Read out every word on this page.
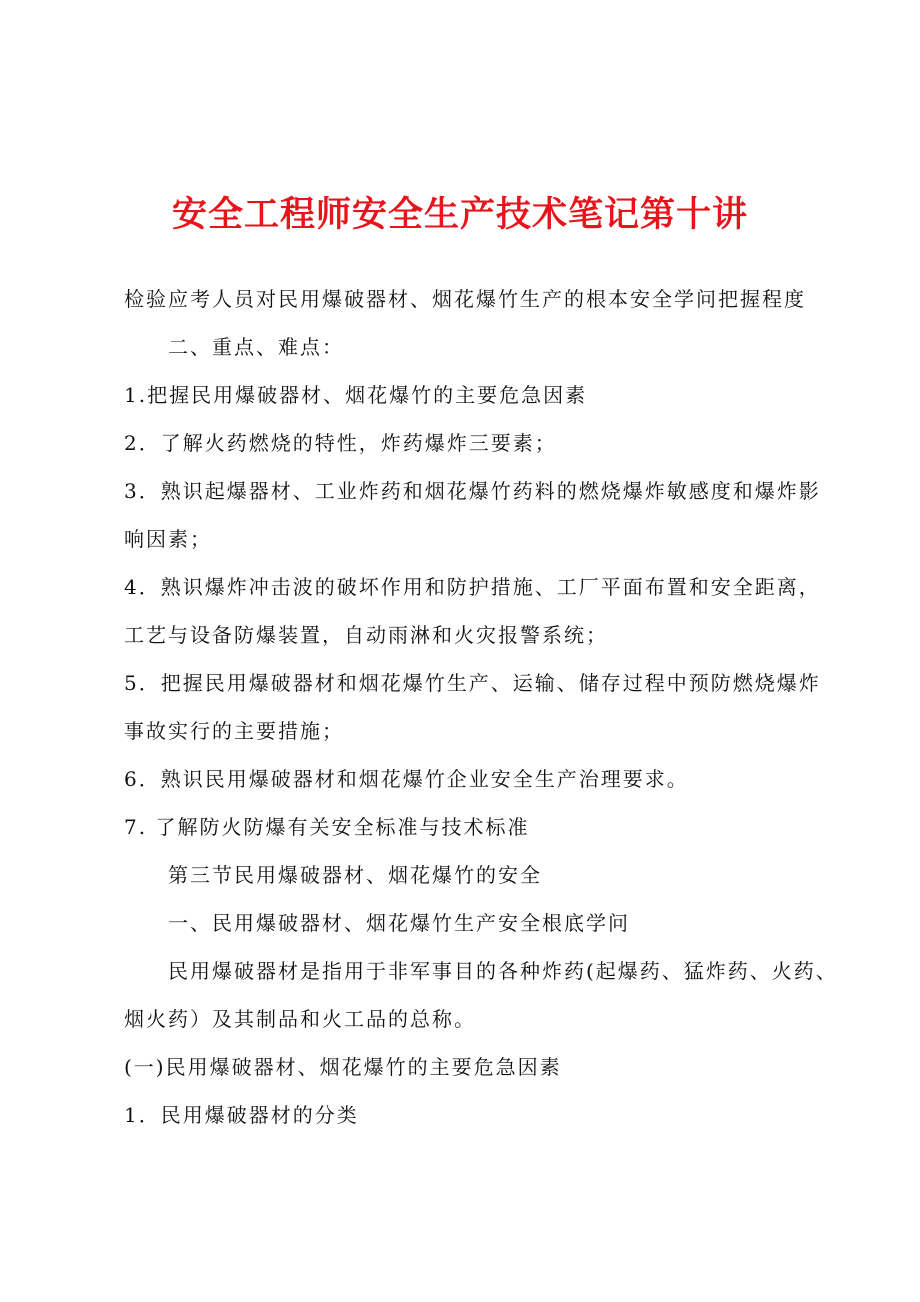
安全工程师安全生产技术笔记第十讲
检验应考人员对民用爆破器材、烟花爆竹生产的根本安全学问把握程度
二、重点、难点：
1.把握民用爆破器材、烟花爆竹的主要危急因素
2．了解火药燃烧的特性，炸药爆炸三要素；
3．熟识起爆器材、工业炸药和烟花爆竹药料的燃烧爆炸敏感度和爆炸影
响因素；
4．熟识爆炸冲击波的破坏作用和防护措施、工厂平面布置和安全距离，
工艺与设备防爆装置，自动雨淋和火灾报警系统；
5．把握民用爆破器材和烟花爆竹生产、运输、储存过程中预防燃烧爆炸
事故实行的主要措施；
6．熟识民用爆破器材和烟花爆竹企业安全生产治理要求。
7. 了解防火防爆有关安全标准与技术标准
第三节民用爆破器材、烟花爆竹的安全
一、民用爆破器材、烟花爆竹生产安全根底学问
民用爆破器材是指用于非军事目的各种炸药(起爆药、猛炸药、火药、
烟火药）及其制品和火工品的总称。
(一)民用爆破器材、烟花爆竹的主要危急因素
1．民用爆破器材的分类
